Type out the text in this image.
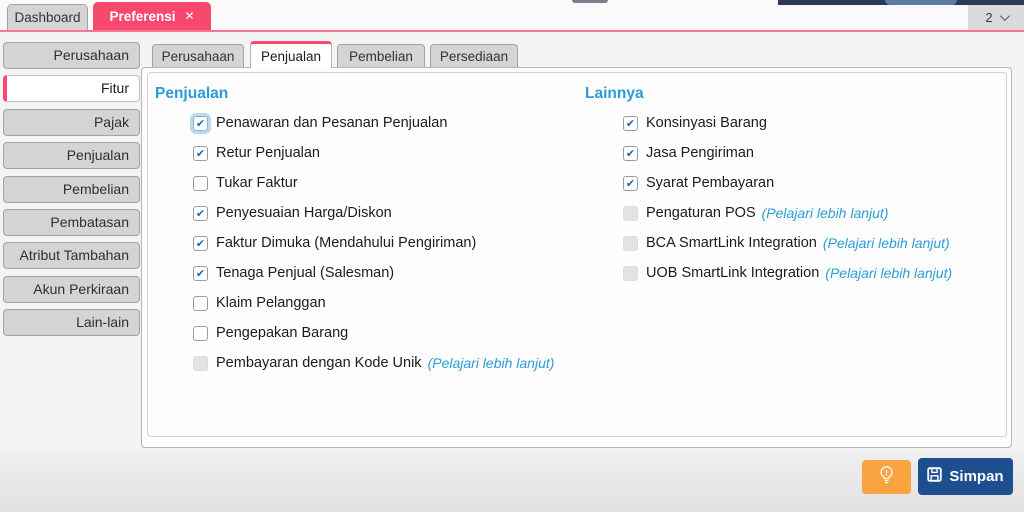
Dashboard Preferensi ✕	2
Perusahaan
Fitur
Pajak
Penjualan
Pembelian
Pembatasan
Atribut Tambahan
Akun Perkiraan
Lain-lain
Perusahaan	Penjualan	Pembelian	Persediaan
Penjualan	Lainnya
✔ Penawaran dan Pesanan Penjualan
✔ Retur Penjualan
Tukar Faktur
✔ Penyesuaian Harga/Diskon
✔ Faktur Dimuka (Mendahului Pengiriman)
✔ Tenaga Penjual (Salesman)
Klaim Pelanggan
Pengepakan Barang
Pembayaran dengan Kode Unik (Pelajari lebih lanjut)
✔ Konsinyasi Barang
✔ Jasa Pengiriman
✔ Syarat Pembayaran
Pengaturan POS (Pelajari lebih lanjut)
BCA SmartLink Integration (Pelajari lebih lanjut)
UOB SmartLink Integration (Pelajari lebih lanjut)
Simpan
